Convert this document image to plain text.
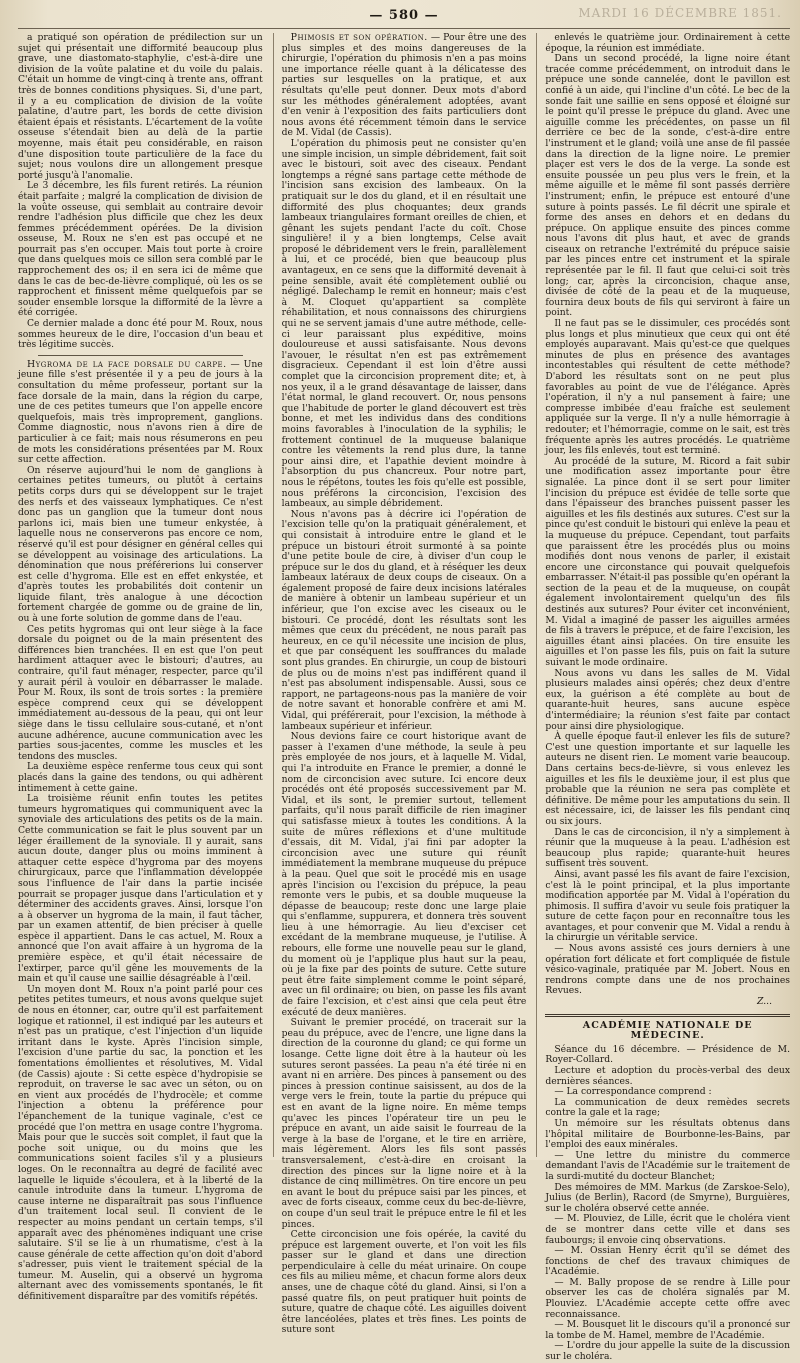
— 580 —	MARDI 16 DÉCEMBRE 1851.

a pratiqué son opération de prédilection sur un sujet qui présentait une difformité beaucoup plus grave, une diastomato-staphylie, c'est-à-dire une division de la voûte palatine et du voile du palais. C'était un homme de vingt-cinq à trente ans, offrant très de bonnes conditions physiques. Si, d'une part, il y a eu complication de division de la voûte palatine, d'autre part, les bords de cette division étaient épais et résistants. L'écartement de la voûte osseuse s'étendait bien au delà de la partie moyenne, mais était peu considérable, en raison d'une disposition toute particulière de la face du sujet; nous voulons dire un allongement presque porté jusqu'à l'anomalie.

Le 3 décembre, les fils furent retirés. La réunion était parfaite ; malgré la complication de division de la voûte osseuse, qui semblait au contraire devoir rendre l'adhésion plus difficile que chez les deux femmes précédemment opérées. De la division osseuse, M. Roux ne s'en est pas occupé et ne pourrait pas s'en occuper. Mais tout porte à croire que dans quelques mois ce sillon sera comblé par le rapprochement des os; il en sera ici de même que dans le cas de bec-de-lièvre compliqué, où les os se rapprochent et finissent même quelquefois par se souder ensemble lorsque la difformité de la lèvre a été corrigée.

Ce dernier malade a donc été pour M. Roux, nous sommes heureux de le dire, l'occasion d'un beau et très légitime succès.

Hygroma de la face dorsale du carpe. — Une jeune fille s'est présentée il y a peu de jours à la consultation du même professeur, portant sur la face dorsale de la main, dans la région du carpe, une de ces petites tumeurs que l'on appelle encore quelquefois, mais très improprement, ganglions. Comme diagnostic, nous n'avons rien à dire de particulier à ce fait; mais nous résumerons en peu de mots les considérations présentées par M. Roux sur cette affection.

On réserve aujourd'hui le nom de ganglions à certaines petites tumeurs, ou plutôt à certains petits corps durs qui se développent sur le trajet des nerfs et des vaisseaux lymphatiques. Ce n'est donc pas un ganglion que la tumeur dont nous parlons ici, mais bien une tumeur enkystée, à laquelle nous ne conserverons pas encore ce nom, réservé qu'il est pour désigner en général celles qui se développent au voisinage des articulations. La dénomination que nous préférerions lui conserver est celle d'hygroma. Elle est en effet enkystée, et d'après toutes les probabilités doit contenir un liquide filant, très analogue à une décoction fortement chargée de gomme ou de graine de lin, ou à une forte solution de gomme dans de l'eau.

Ces petits hygromas qui ont leur siège à la face dorsale du poignet ou de la main présentent des différences bien tranchées. Il en est que l'on peut hardiment attaquer avec le bistouri; d'autres, au contraire, qu'il faut ménager, respecter, parce qu'il y aurait péril à vouloir en débarrasser le malade. Pour M. Roux, ils sont de trois sortes : la première espèce comprend ceux qui se développent immédiatement au-dessous de la peau, qui ont leur siège dans le tissu cellulaire sous-cutané, et n'ont aucune adhérence, aucune communication avec les parties sous-jacentes, comme les muscles et les tendons des muscles.

La deuxième espèce renferme tous ceux qui sont placés dans la gaine des tendons, ou qui adhèrent intimement à cette gaine.

La troisième réunit enfin toutes les petites tumeurs hygromatiques qui communiquent avec la synoviale des articulations des petits os de la main. Cette communication se fait le plus souvent par un léger éraillement de la synoviale. Il y aurait, sans aucun doute, danger plus ou moins imminent à attaquer cette espèce d'hygroma par des moyens chirurgicaux, parce que l'inflammation développée sous l'influence de l'air dans la partie incisée pourrait se propager jusque dans l'articulation et y déterminer des accidents graves. Ainsi, lorsque l'on a à observer un hygroma de la main, il faut tâcher, par un examen attentif, de bien préciser à quelle espèce il appartient. Dans le cas actuel, M. Roux a annoncé que l'on avait affaire à un hygroma de la première espèce, et qu'il était nécessaire de l'extirper, parce qu'il gêne les mouvements de la main et qu'il cause une saillie désagréable à l'œil.

Un moyen dont M. Roux n'a point parlé pour ces petites petites tumeurs, et nous avons quelque sujet de nous en étonner, car, outre qu'il est parfaitement logique et rationnel, il est indiqué par les auteurs et n'est pas un pratique, c'est l'injection d'un liquide irritant dans le kyste. Après l'incision simple, l'excision d'une partie du sac, la ponction et les fomentations émollientes et résolutives, M. Vidal (de Cassis) ajoute : Si cette espèce d'hydropisie se reproduit, on traverse le sac avec un séton, ou on en vient aux procédés de l'hydrocèle; et comme l'injection a obtenu la préférence pour l'épanchement de la tunique vaginale, c'est ce procédé que l'on mettra en usage contre l'hygroma. Mais pour que le succès soit complet, il faut que la poche soit unique, ou du moins que les communications soient faciles s'il y a plusieurs loges. On le reconnaîtra au degré de facilité avec laquelle le liquide s'écoulera, et à la liberté de la canule introduite dans la tumeur. L'hygroma de cause interne ne disparaîtrait pas sous l'influence d'un traitement local seul. Il convient de le respecter au moins pendant un certain temps, s'il apparaît avec des phénomènes indiquant une crise salutaire. S'il se lie à un rhumatisme, c'est à la cause générale de cette affection qu'on doit d'abord s'adresser, puis vient le traitement spécial de la tumeur. M. Auselin, qui a observé un hygroma alternant avec des vomissements spontanés, le fit définitivement disparaître par des vomitifs répétés.

Phimosis et son opération. — Pour être une des plus simples et des moins dangereuses de la chirurgie, l'opération du phimosis n'en a pas moins une importance réelle quant à la délicatesse des parties sur lesquelles on la pratique, et aux résultats qu'elle peut donner. Deux mots d'abord sur les méthodes généralement adoptées, avant d'en venir à l'exposition des faits particuliers dont nous avons été récemment témoin dans le service de M. Vidal (de Cassis).

L'opération du phimosis peut ne consister qu'en une simple incision, un simple débridement, fait soit avec le bistouri, soit avec des ciseaux. Pendant longtemps a régné sans partage cette méthode de l'incision sans excision des lambeaux. On la pratiquait sur le dos du gland, et il en résultait une difformité des plus choquantes; deux grands lambeaux triangulaires formant oreilles de chien, et gênant les sujets pendant l'acte du coït. Chose singulière! il y a bien longtemps, Celse avait proposé le débridement vers le frein, parallèlement à lui, et ce procédé, bien que beaucoup plus avantageux, en ce sens que la difformité devenait à peine sensible, avait été complètement oublié ou négligé. Dalechamp le remit en honneur; mais c'est à M. Cloquet qu'appartient sa complète réhabilitation, et nous connaissons des chirurgiens qui ne se servent jamais d'une autre méthode, celle-ci leur paraissant plus expéditive, moins douloureuse et aussi satisfaisante. Nous devons l'avouer, le résultat n'en est pas extrêmement disgracieux. Cependant il est loin d'être aussi complet que la circoncision proprement dite; et, à nos yeux, il a le grand désavantage de laisser, dans l'état normal, le gland recouvert. Or, nous pensons que l'habitude de porter le gland découvert est très bonne, et met les individus dans des conditions moins favorables à l'inoculation de la syphilis; le frottement continuel de la muqueuse balanique contre les vêtements la rend plus dure, la tanne pour ainsi dire, et l'apathie devient moindre à l'absorption du pus chancreux. Pour notre part, nous le répétons, toutes les fois qu'elle est possible, nous préférons la circoncision, l'excision des lambeaux, au simple débridement.

Nous n'avons pas à décrire ici l'opération de l'excision telle qu'on la pratiquait généralement, et qui consistait à introduire entre le gland et le prépuce un bistouri étroit surmonté à sa pointe d'une petite boule de cire, à diviser d'un coup le prépuce sur le dos du gland, et à réséquer les deux lambeaux latéraux de deux coups de ciseaux. On a également proposé de faire deux incisions latérales de manière à obtenir un lambeau supérieur et un inférieur, que l'on excise avec les ciseaux ou le bistouri. Ce procédé, dont les résultats sont les mêmes que ceux du précédent, ne nous paraît pas heureux, en ce qu'il nécessite une incision de plus, et que par conséquent les souffrances du malade sont plus grandes. En chirurgie, un coup de bistouri de plus ou de moins n'est pas indifférent quand il n'est pas absolument indispensable. Aussi, sous ce rapport, ne partageons-nous pas la manière de voir de notre savant et honorable confrère et ami M. Vidal, qui préférerait, pour l'excision, la méthode à lambeaux supérieur et inférieur.

Nous devions faire ce court historique avant de passer à l'examen d'une méthode, la seule à peu près employée de nos jours, et à laquelle M. Vidal, qui l'a introduite en France le premier, a donné le nom de circoncision avec suture. Ici encore deux procédés ont été proposés successivement par M. Vidal, et ils sont, le premier surtout, tellement parfaits, qu'il nous paraît difficile de rien imaginer qui satisfasse mieux à toutes les conditions. À la suite de mûres réflexions et d'une multitude d'essais, dit M. Vidal, j'ai fini par adopter la circoncision avec une suture qui réunît immédiatement la membrane muqueuse du prépuce à la peau. Quel que soit le procédé mis en usage après l'incision ou l'excision du prépuce, la peau remonte vers le pubis, et sa double muqueuse la dépasse de beaucoup; reste donc une large plaie qui s'enflamme, suppurera, et donnera très souvent lieu à une hémorragie. Au lieu d'exciser cet excédant de la membrane muqueuse, je l'utilise. À rebours, elle forme une nouvelle peau sur le gland, du moment où je l'applique plus haut sur la peau, où je la fixe par des points de suture. Cette suture peut être faite simplement comme le point séparé, avec un fil ordinaire; ou bien, on passe les fils avant de faire l'excision, et c'est ainsi que cela peut être exécuté de deux manières.

Suivant le premier procédé, on tracerait sur la peau du prépuce, avec de l'encre, une ligne dans la direction de la couronne du gland; ce qui forme un losange. Cette ligne doit être à la hauteur où les sutures seront passées. La peau n'a été tirée ni en avant ni en arrière. Des pinces à pansement ou des pinces à pression continue saisissent, au dos de la verge vers le frein, toute la partie du prépuce qui est en avant de la ligne noire. En même temps qu'avec les pinces l'opérateur tire un peu le prépuce en avant, un aide saisit le fourreau de la verge à la base de l'organe, et le tire en arrière, mais légèrement. Alors les fils sont passés transversalement, c'est-à-dire en croisant la direction des pinces sur la ligne noire et à la distance de cinq millimètres. On tire encore un peu en avant le bout du prépuce saisi par les pinces, et avec de forts ciseaux, comme ceux du bec-de-lièvre, on coupe d'un seul trait le prépuce entre le fil et les pinces.

Cette circoncision une fois opérée, la cavité du prépuce est largement ouverte, et l'on voit les fils passer sur le gland et dans une direction perpendiculaire à celle du méat urinaire. On coupe ces fils au milieu même, et chacun forme alors deux anses, une de chaque côté du gland. Ainsi, si l'on a passé quatre fils, on peut pratiquer huit points de suture, quatre de chaque côté. Les aiguilles doivent être lancéolées, plates et très fines. Les points de suture sont

enlevés le quatrième jour. Ordinairement à cette époque, la réunion est immédiate.

Dans un second procédé, la ligne noire étant tracée comme précédemment, on introduit dans le prépuce une sonde cannelée, dont le pavillon est confié à un aide, qui l'incline d'un côté. Le bec de la sonde fait une saillie en sens opposé et éloigné sur le point qu'il presse le prépuce du gland. Avec une aiguille comme les précédentes, on passe un fil derrière ce bec de la sonde, c'est-à-dire entre l'instrument et le gland; voilà une anse de fil passée dans la direction de la ligne noire. Le premier plaçer est vers le dos de la verge. La sonde est ensuite poussée un peu plus vers le frein, et la même aiguille et le même fil sont passés derrière l'instrument; enfin, le prépuce est entouré d'une suture à points passés. Le fil décrit une spirale et forme des anses en dehors et en dedans du prépuce. On applique ensuite des pinces comme nous l'avons dit plus haut, et avec de grands ciseaux on retranche l'extrémité du prépuce saisie par les pinces entre cet instrument et la spirale représentée par le fil. Il faut que celui-ci soit très long; car, après la circoncision, chaque anse, divisée de côté de la peau et de la muqueuse, fournira deux bouts de fils qui serviront à faire un point.

Il ne faut pas se le dissimuler, ces procédés sont plus longs et plus minutieux que ceux qui ont été employés auparavant. Mais qu'est-ce que quelques minutes de plus en présence des avantages incontestables qui résultent de cette méthode? D'abord les résultats sont on ne peut plus favorables au point de vue de l'élégance. Après l'opération, il n'y a nul pansement à faire; une compresse imbibée d'eau fraîche est seulement appliquée sur la verge. Il n'y a nulle hémorragie à redouter; et l'hémorragie, comme on le sait, est très fréquente après les autres procédés. Le quatrième jour, les fils enlevés, tout est terminé.

Au procédé de la suture, M. Ricord a fait subir une modification assez importante pour être signalée. La pince dont il se sert pour limiter l'incision du prépuce est évidée de telle sorte que dans l'épaisseur des branches puissent passer les aiguilles et les fils destinés aux sutures. C'est sur la pince qu'est conduit le bistouri qui enlève la peau et la muqueuse du prépuce. Cependant, tout parfaits que paraissent être les procédés plus ou moins modifiés dont nous venons de parler, il existait encore une circonstance qui pouvait quelquefois embarrasser. N'était-il pas possible qu'en opérant la section de la peau et de la muqueuse, on coupât également involontairement quelqu'un des fils destinés aux sutures? Pour éviter cet inconvénient, M. Vidal a imaginé de passer les aiguilles armées de fils à travers le prépuce, et de faire l'excision, les aiguilles étant ainsi placées. On tire ensuite les aiguilles et l'on passe les fils, puis on fait la suture suivant le mode ordinaire.

Nous avons vu dans les salles de M. Vidal plusieurs malades ainsi opérés; chez deux d'entre eux, la guérison a été complète au bout de quarante-huit heures, sans aucune espèce d'intermédiaire; la réunion s'est faite par contact pour ainsi dire physiologique.

À quelle époque faut-il enlever les fils de suture? C'est une question importante et sur laquelle les auteurs ne disent rien. Le moment varie beaucoup. Dans certains becs-de-lièvre, si vous enlevez les aiguilles et les fils le deuxième jour, il est plus que probable que la réunion ne sera pas complète et définitive. De même pour les amputations du sein. Il est nécessaire, ici, de laisser les fils pendant cinq ou six jours.

Dans le cas de circoncision, il n'y a simplement à réunir que la muqueuse à la peau. L'adhésion est beaucoup plus rapide; quarante-huit heures suffisent très souvent.

Ainsi, avant passé les fils avant de faire l'excision, c'est là le point principal, et la plus importante modification apportée par M. Vidal à l'opération du phimosis. Il suffira d'avoir vu seule fois pratiquer la suture de cette façon pour en reconnaître tous les avantages, et pour convenir que M. Vidal a rendu à la chirurgie un véritable service.

— Nous avons assisté ces jours derniers à une opération fort délicate et fort compliquée de fistule vésico-vaginale, pratiquée par M. Jobert. Nous en rendrons compte dans une de nos prochaines Revues.

Z...
ACADÉMIE NATIONALE DE MÉDECINE.

Séance du 16 décembre. — Présidence de M. Royer-Collard.

Lecture et adoption du procès-verbal des deux dernières séances.

— La correspondance comprend :

La communication de deux remèdes secrets contre la gale et la rage;

Un mémoire sur les résultats obtenus dans l'hôpital militaire de Bourbonne-les-Bains, par l'emploi des eaux minérales.

— Une lettre du ministre du commerce demandant l'avis de l'Académie sur le traitement de la surdi-mutité du docteur Blanchet;

Des mémoires de MM. Markus (de Zarskoe-Selo), Julius (de Berlin), Racord (de Smyrne), Burguières, sur le choléra observé cette année.

— M. Plouviez, de Lille, écrit que le choléra vient de se montrer dans cette ville et dans ses faubourgs; il envoie cinq observations.

— M. Ossian Henry écrit qu'il se démet des fonctions de chef des travaux chimiques de l'Académie.

— M. Bally propose de se rendre à Lille pour observer les cas de choléra signalés par M. Plouviez. L'Académie accepte cette offre avec reconnaissance.

— M. Bousquet lit le discours qu'il a prononcé sur la tombe de M. Hamel, membre de l'Académie.

— L'ordre du jour appelle la suite de la discussion sur le choléra.
